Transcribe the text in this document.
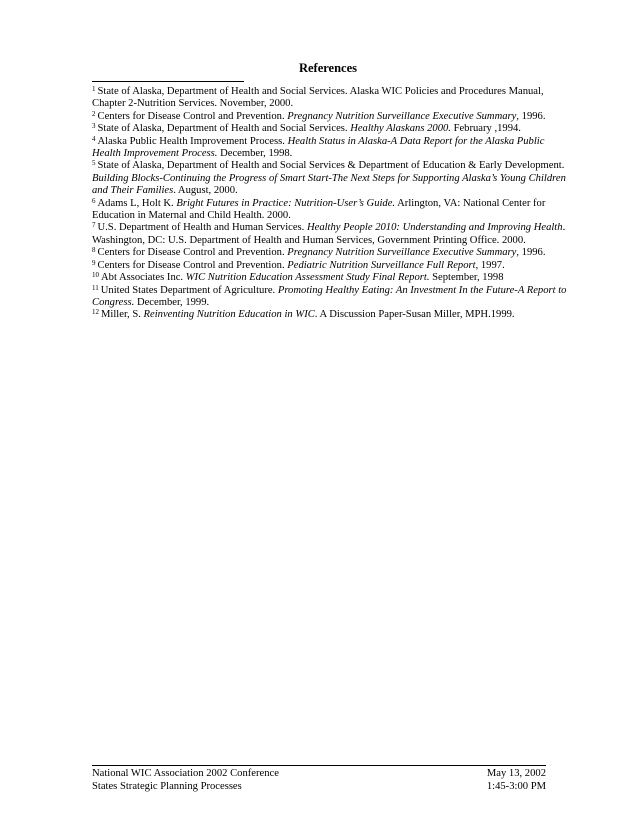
References

$^1$ State of Alaska, Department of Health and Social Services. Alaska WIC Policies and Procedures Manual, Chapter 2-Nutrition Services. November, 2000.

$^2$ Centers for Disease Control and Prevention. Pregnancy Nutrition Surveillance Executive Summary, 1996.

$^3$ State of Alaska, Department of Health and Social Services. Healthy Alaskans 2000. February ,1994.

$^4$ Alaska Public Health Improvement Process. Health Status in Alaska-A Data Report for the Alaska Public Health Improvement Process. December, 1998.

$^5$ State of Alaska, Department of Health and Social Services & Department of Education & Early Development. Building Blocks-Continuing the Progress of Smart Start-The Next Steps for Supporting Alaska’s Young Children and Their Families. August, 2000.

$^6$ Adams L, Holt K. Bright Futures in Practice: Nutrition-User’s Guide. Arlington, VA: National Center for Education in Maternal and Child Health. 2000.

$^7$ U.S. Department of Health and Human Services. Healthy People 2010: Understanding and Improving Health. Washington, DC: U.S. Department of Health and Human Services, Government Printing Office. 2000.

$^8$ Centers for Disease Control and Prevention. Pregnancy Nutrition Surveillance Executive Summary, 1996.

$^9$ Centers for Disease Control and Prevention. Pediatric Nutrition Surveillance Full Report, 1997.

$^{10}$ Abt Associates Inc. WIC Nutrition Education Assessment Study Final Report. September, 1998

$^{11}$ United States Department of Agriculture. Promoting Healthy Eating: An Investment In the Future-A Report to Congress. December, 1999.

$^{12}$ Miller, S. Reinventing Nutrition Education in WIC. A Discussion Paper-Susan Miller, MPH.1999.

National WIC Association 2002 Conference	May 13, 2002
States Strategic Planning Processes	1:45-3:00 PM
